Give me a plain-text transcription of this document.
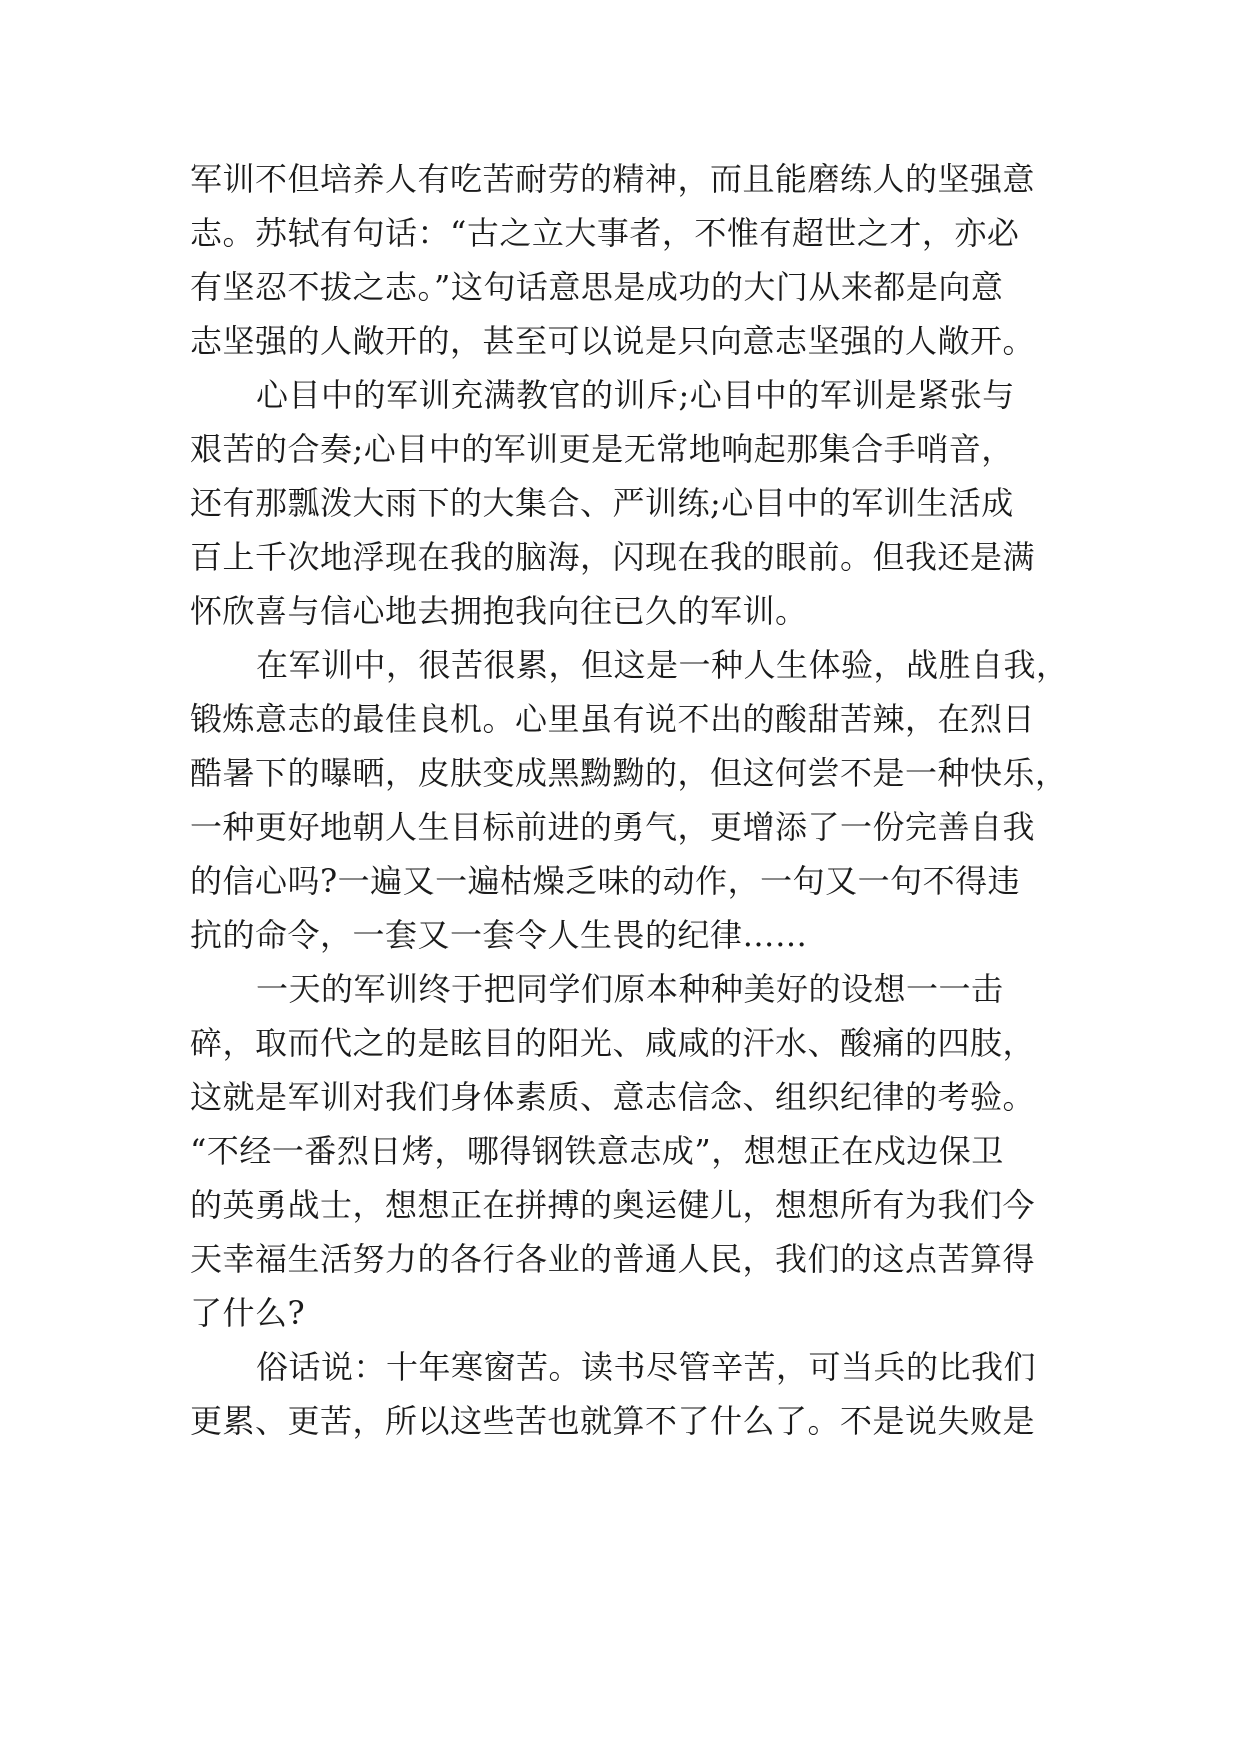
军训不但培养人有吃苦耐劳的精神，而且能磨练人的坚强意
志。苏轼有句话：“古之立大事者，不惟有超世之才，亦必
有坚忍不拔之志。”这句话意思是成功的大门从来都是向意
志坚强的人敞开的，甚至可以说是只向意志坚强的人敞开。
心目中的军训充满教官的训斥;心目中的军训是紧张与
艰苦的合奏;心目中的军训更是无常地响起那集合手哨音，
还有那瓢泼大雨下的大集合、严训练;心目中的军训生活成
百上千次地浮现在我的脑海，闪现在我的眼前。但我还是满
怀欣喜与信心地去拥抱我向往已久的军训。
在军训中，很苦很累，但这是一种人生体验，战胜自我，
锻炼意志的最佳良机。心里虽有说不出的酸甜苦辣，在烈日
酷暑下的曝晒，皮肤变成黑黝黝的，但这何尝不是一种快乐，
一种更好地朝人生目标前进的勇气，更增添了一份完善自我
的信心吗?一遍又一遍枯燥乏味的动作，一句又一句不得违
抗的命令，一套又一套令人生畏的纪律……
一天的军训终于把同学们原本种种美好的设想一一击
碎，取而代之的是眩目的阳光、咸咸的汗水、酸痛的四肢，
这就是军训对我们身体素质、意志信念、组织纪律的考验。
“不经一番烈日烤，哪得钢铁意志成”，想想正在戍边保卫
的英勇战士，想想正在拼搏的奥运健儿，想想所有为我们今
天幸福生活努力的各行各业的普通人民，我们的这点苦算得
了什么?
俗话说：十年寒窗苦。读书尽管辛苦，可当兵的比我们
更累、更苦，所以这些苦也就算不了什么了。不是说失败是
